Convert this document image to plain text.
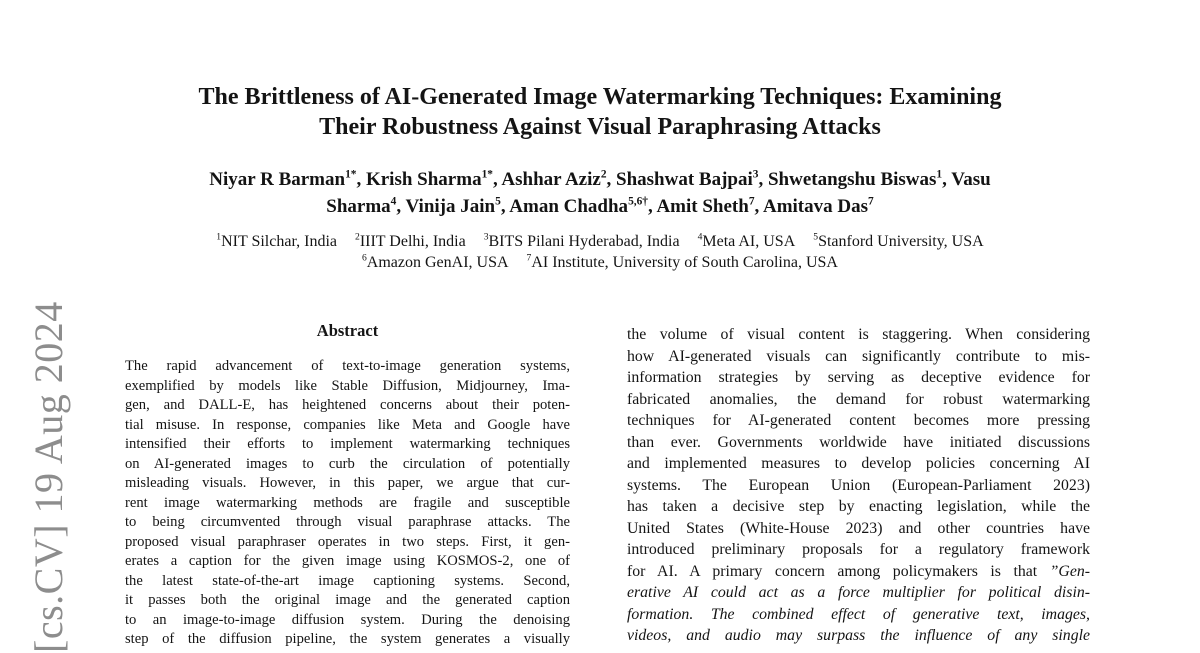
[cs.CV] 19 Aug 2024
The Brittleness of AI-Generated Image Watermarking Techniques: Examining
Their Robustness Against Visual Paraphrasing Attacks
Niyar R Barman$^{1*}$, Krish Sharma$^{1*}$, Ashhar Aziz$^2$, Shashwat Bajpai$^3$, Shwetangshu Biswas$^1$, Vasu
Sharma$^4$, Vinija Jain$^5$, Aman Chadha$^{5,6\dagger}$, Amit Sheth$^7$, Amitava Das$^7$
$^1$NIT Silchar, India $^2$IIIT Delhi, India $^3$BITS Pilani Hyderabad, India $^4$Meta AI, USA $^5$Stanford University, USA
$^6$Amazon GenAI, USA $^7$AI Institute, University of South Carolina, USA
Abstract
The rapid advancement of text-to-image generation systems,
exemplified by models like Stable Diffusion, Midjourney, Ima-
gen, and DALL-E, has heightened concerns about their poten-
tial misuse. In response, companies like Meta and Google have
intensified their efforts to implement watermarking techniques
on AI-generated images to curb the circulation of potentially
misleading visuals. However, in this paper, we argue that cur-
rent image watermarking methods are fragile and susceptible
to being circumvented through visual paraphrase attacks. The
proposed visual paraphraser operates in two steps. First, it gen-
erates a caption for the given image using KOSMOS-2, one of
the latest state-of-the-art image captioning systems. Second,
it passes both the original image and the generated caption
to an image-to-image diffusion system. During the denoising
step of the diffusion pipeline, the system generates a visually
the volume of visual content is staggering. When considering
how AI-generated visuals can significantly contribute to mis-
information strategies by serving as deceptive evidence for
fabricated anomalies, the demand for robust watermarking
techniques for AI-generated content becomes more pressing
than ever. Governments worldwide have initiated discussions
and implemented measures to develop policies concerning AI
systems. The European Union (European-Parliament 2023)
has taken a decisive step by enacting legislation, while the
United States (White-House 2023) and other countries have
introduced preliminary proposals for a regulatory framework
for AI. A primary concern among policymakers is that ”Gen-
erative AI could act as a force multiplier for political disin-
formation. The combined effect of generative text, images,
videos, and audio may surpass the influence of any single
